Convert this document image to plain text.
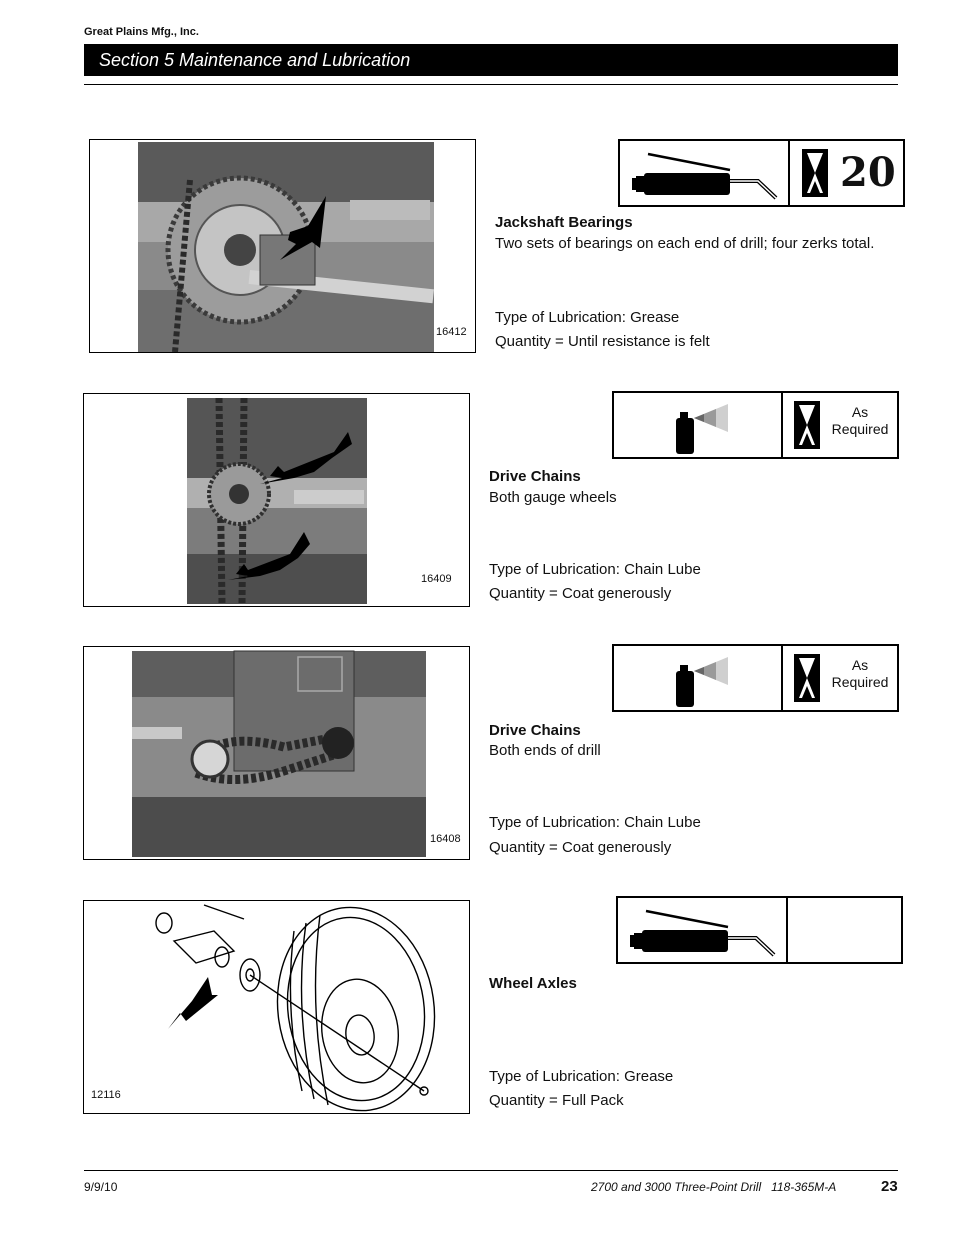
Great Plains Mfg., Inc.
Section 5 Maintenance and Lubrication
16412
20
Jackshaft Bearings
Two sets of bearings on each end of drill; four zerks total.
Type of Lubrication: Grease
Quantity = Until resistance is felt
16409
As Required
Drive Chains
Both gauge wheels
Type of Lubrication: Chain Lube
Quantity = Coat generously
16408
As Required
Drive Chains
Both ends of drill
Type of Lubrication: Chain Lube
Quantity = Coat generously
12116
Wheel Axles
Type of Lubrication: Grease
Quantity = Full Pack
9/9/10	2700 and 3000 Three-Point Drill   118-365M-A	23
